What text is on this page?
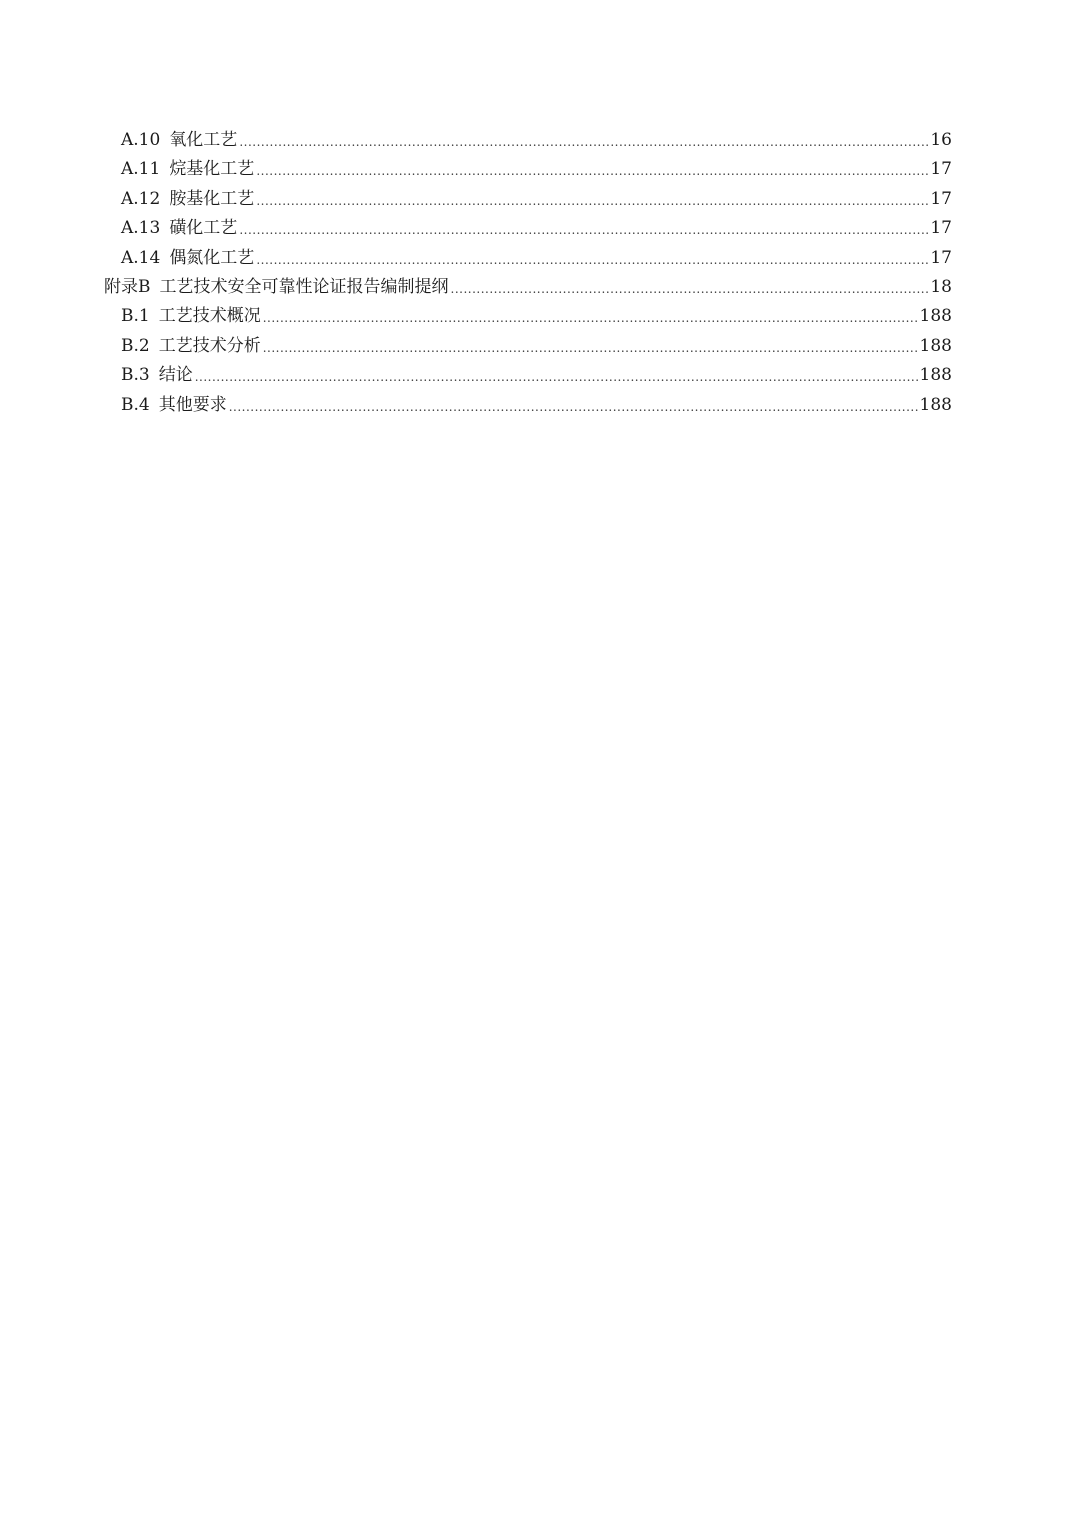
A.10 氧化工艺 .....	16
A.11 烷基化工艺 .....	17
A.12 胺基化工艺 .....	17
A.13 磺化工艺 .....	17
A.14 偶氮化工艺 .....	17
附录B 工艺技术安全可靠性论证报告编制提纲 .....	18
B.1 工艺技术概况 .....	188
B.2 工艺技术分析 .....	188
B.3 结论 .....	188
B.4 其他要求 .....	188
